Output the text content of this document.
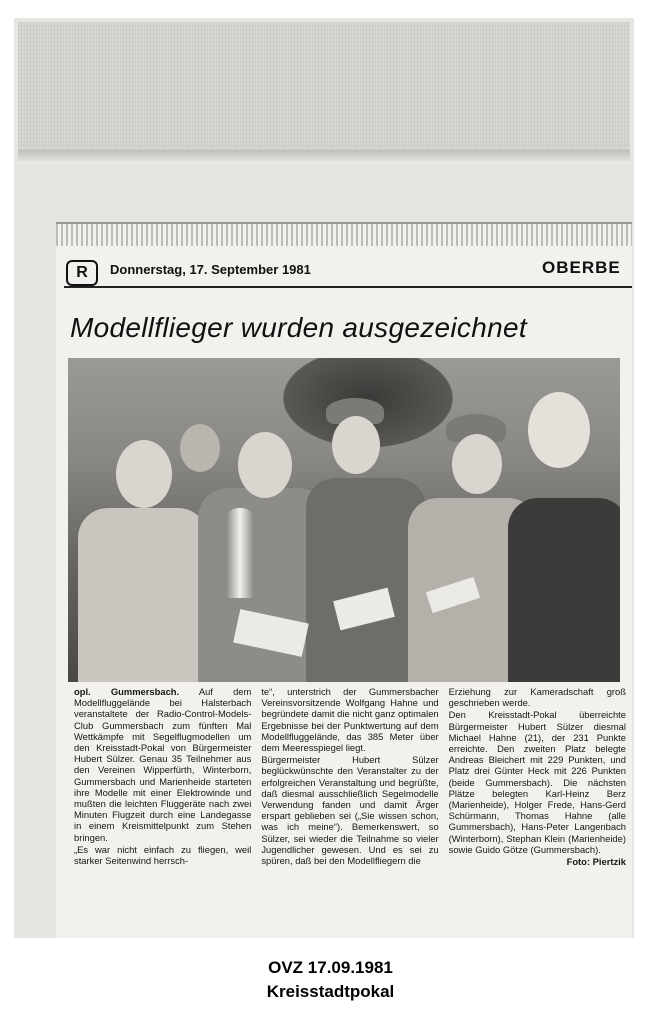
R	Donnerstag, 17. September 1981	OBERBE
Modellflieger wurden ausgezeichnet

opl. Gummersbach. Auf dem Modellfluggelände bei Halsterbach veranstaltete der Radio-Control-Models-Club Gummersbach zum fünften Mal Wettkämpfe mit Segelflugmodellen um den Kreisstadt-Pokal von Bürgermeister Hubert Sülzer. Genau 35 Teilnehmer aus den Vereinen Wipperfürth, Winterborn, Gummersbach und Marienheide starteten ihre Modelle mit einer Elektrowinde und mußten die leichten Fluggeräte nach zwei Minuten Flugzeit durch eine Landegasse in einem Kreismittelpunkt zum Stehen bringen.

„Es war nicht einfach zu fliegen, weil starker Seitenwind herrsch-

te“, unterstrich der Gummersbacher Vereinsvorsitzende Wolfgang Hahne und begründete damit die nicht ganz optimalen Ergebnisse bei der Punktwertung auf dem Modellfluggelände, das 385 Meter über dem Meeresspiegel liegt.

Bürgermeister Hubert Sülzer beglückwünschte den Veranstalter zu der erfolgreichen Veranstaltung und begrüßte, daß diesmal ausschließlich Segelmodelle Verwendung fanden und damit Ärger erspart geblieben sei („Sie wissen schon, was ich meine“). Bemerkenswert, so Sülzer, sei wieder die Teilnahme so vieler Jugendlicher gewesen. Und es sei zu spüren, daß bei den Modellfliegern die

Erziehung zur Kameradschaft groß geschrieben werde.

Den Kreisstadt-Pokal überreichte Bürgermeister Hubert Sülzer diesmal Michael Hahne (21), der 231 Punkte erreichte. Den zweiten Platz belegte Andreas Bleichert mit 229 Punkten, und Platz drei Günter Heck mit 226 Punkten (beide Gummersbach). Die nächsten Plätze belegten Karl-Heinz Berz (Marienheide), Holger Frede, Hans-Gerd Schürmann, Thomas Hahne (alle Gummersbach), Hans-Peter Langenbach (Winterborn), Stephan Klein (Marienheide) sowie Guido Götze (Gummersbach).

Foto: Piertzik
OVZ 17.09.1981
Kreisstadtpokal
